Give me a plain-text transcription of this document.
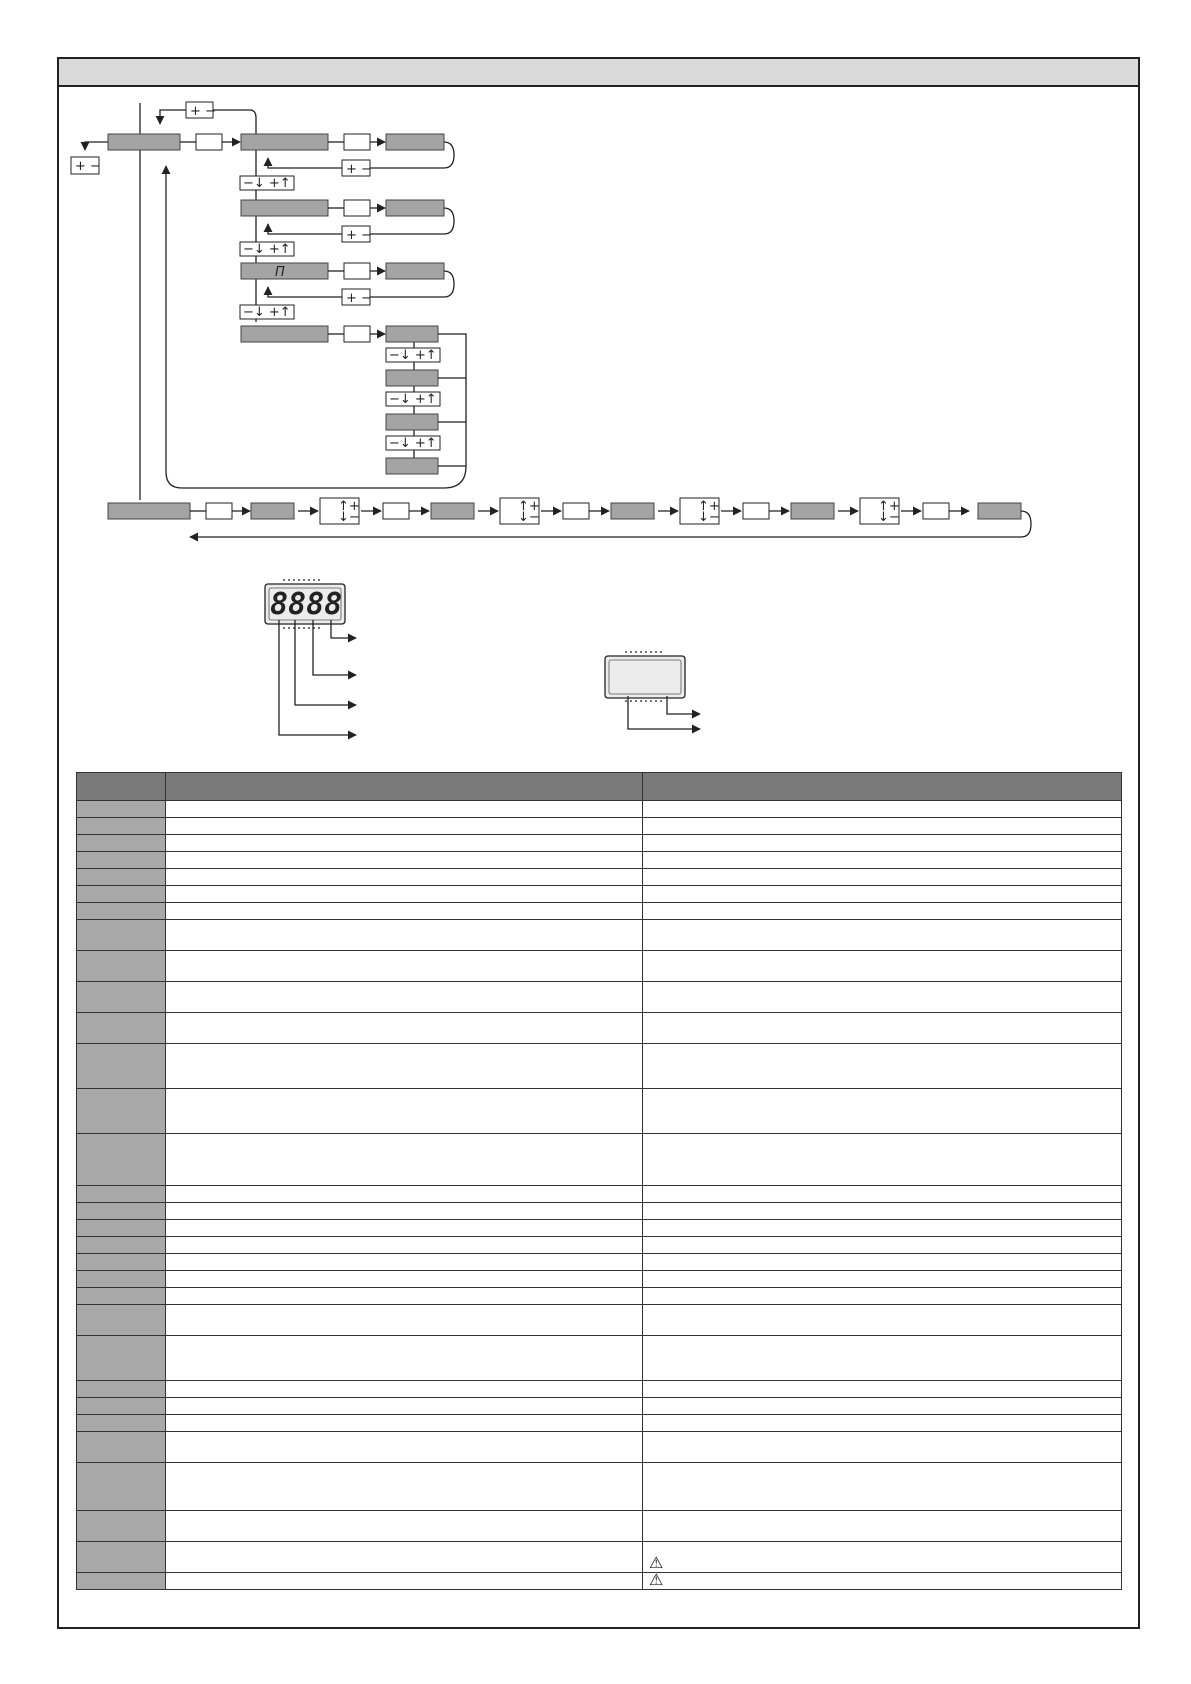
+ −
+ −
+ −
−↓ +↑
+ −
−↓ +↑
Π
+ −
−↓ +↑
−↓ +↑
−↓ +↑
−↓ +↑
↑+
↓−
↑+
↓−
↑+
↓−
↑+
↓−
8888

		⚠
		⚠
